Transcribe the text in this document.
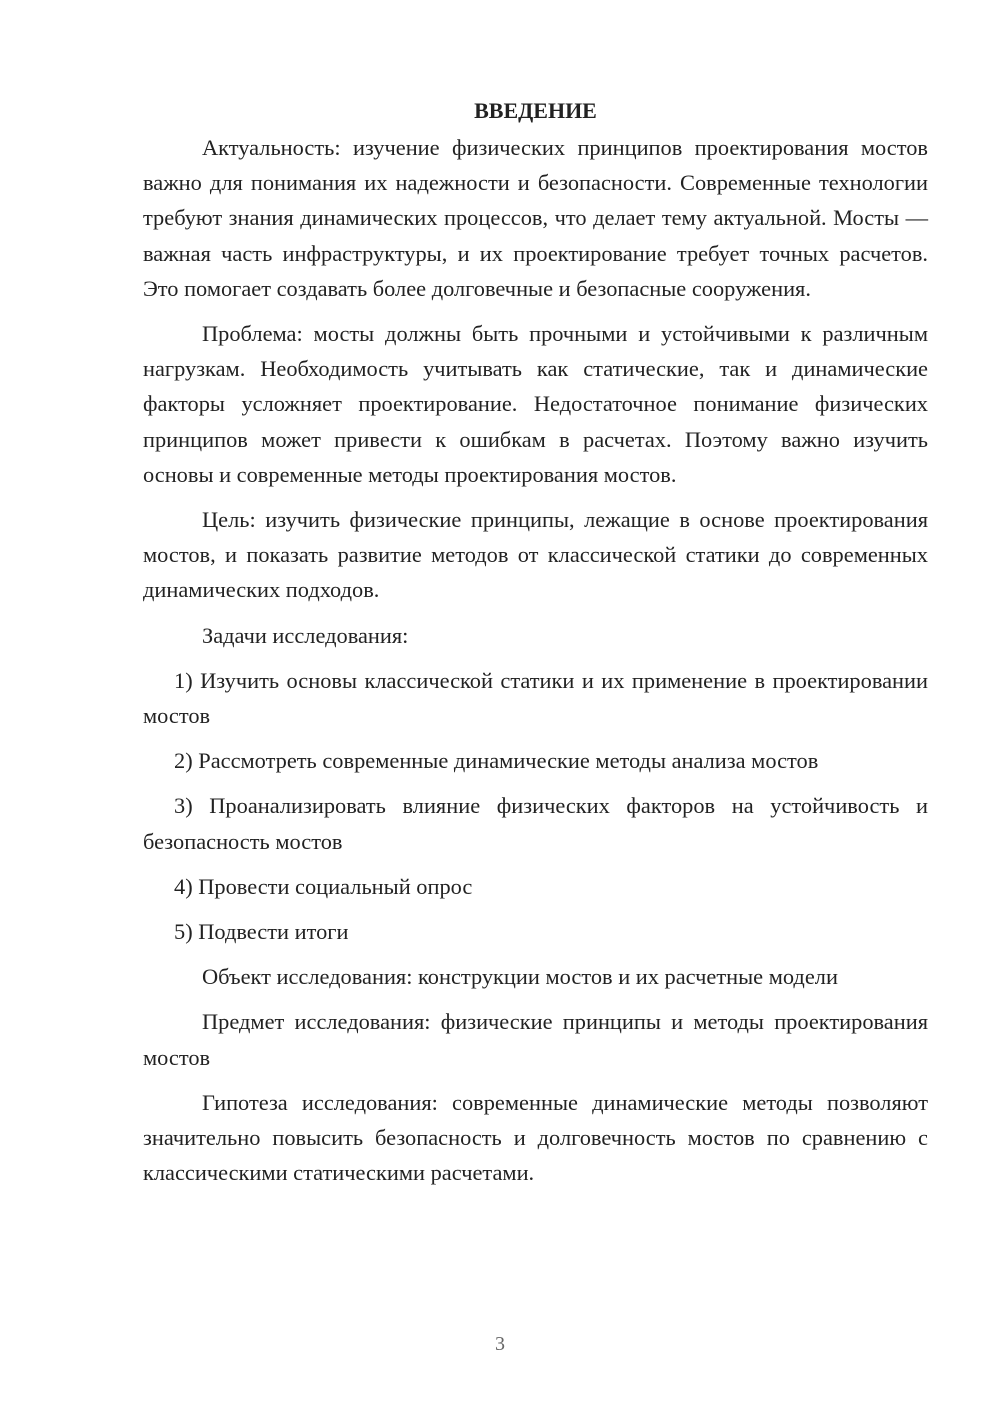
ВВЕДЕНИЕ

Актуальность: изучение физических принципов проектирования мостов важно для понимания их надежности и безопасности. Современные технологии требуют знания динамических процессов, что делает тему актуальной. Мосты — важная часть инфраструктуры, и их проектирование требует точных расчетов. Это помогает создавать более долговечные и безопасные сооружения.

Проблема: мосты должны быть прочными и устойчивыми к различным нагрузкам. Необходимость учитывать как статические, так и динамические факторы усложняет проектирование. Недостаточное понимание физических принципов может привести к ошибкам в расчетах. Поэтому важно изучить основы и современные методы проектирования мостов.

Цель: изучить физические принципы, лежащие в основе проектирования мостов, и показать развитие методов от классической статики до современных динамических подходов.

Задачи исследования:

1) Изучить основы классической статики и их применение в проектировании мостов

2) Рассмотреть современные динамические методы анализа мостов

3) Проанализировать влияние физических факторов на устойчивость и безопасность мостов

4) Провести социальный опрос

5) Подвести итоги

Объект исследования: конструкции мостов и их расчетные модели

Предмет исследования: физические принципы и методы проектирования мостов

Гипотеза исследования: современные динамические методы позволяют значительно повысить безопасность и долговечность мостов по сравнению с классическими статическими расчетами.

3
